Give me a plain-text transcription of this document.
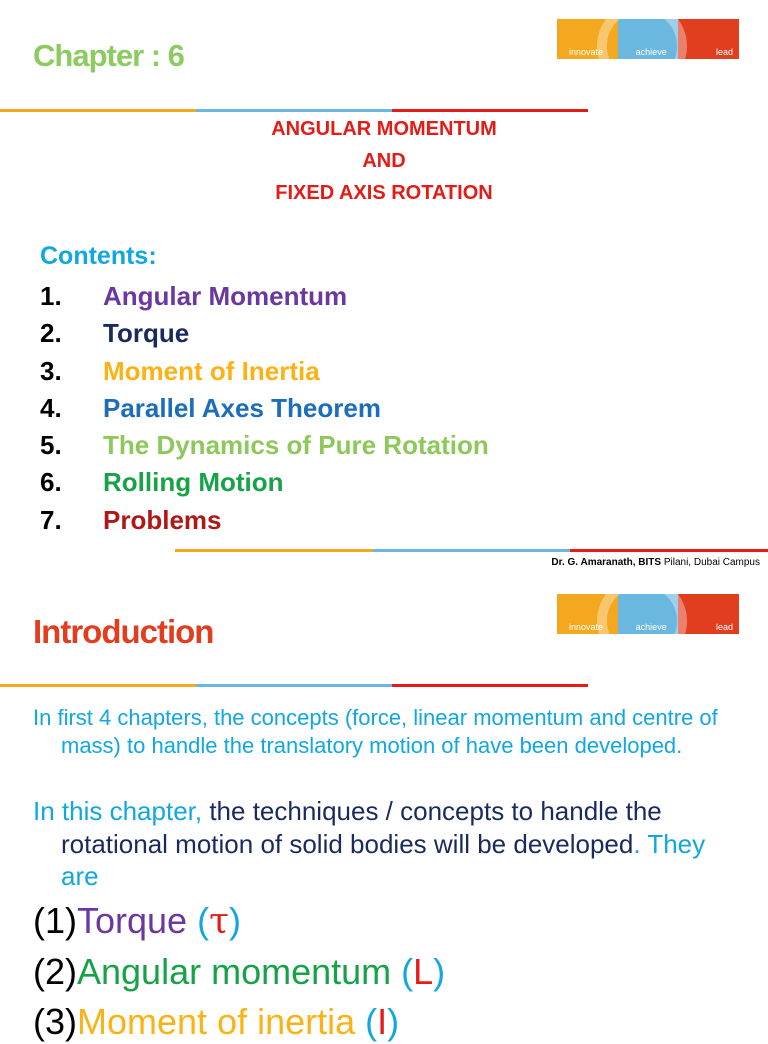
innovate	achieve	lead
Chapter : 6
ANGULAR MOMENTUM
AND
FIXED AXIS ROTATION
Contents:
1. Angular Momentum
2. Torque
3. Moment of Inertia
4. Parallel Axes Theorem
5. The Dynamics of Pure Rotation
6. Rolling Motion
7. Problems
Dr. G. Amaranath, BITS Pilani, Dubai Campus
innovate	achieve	lead
Introduction

In first 4 chapters, the concepts (force, linear momentum and centre of mass) to handle the translatory motion of have been developed.

In this chapter, the techniques / concepts to handle the rotational motion of solid bodies will be developed. They are

(1)Torque (τ)
(2)Angular momentum (L)
(3)Moment of inertia (I)
